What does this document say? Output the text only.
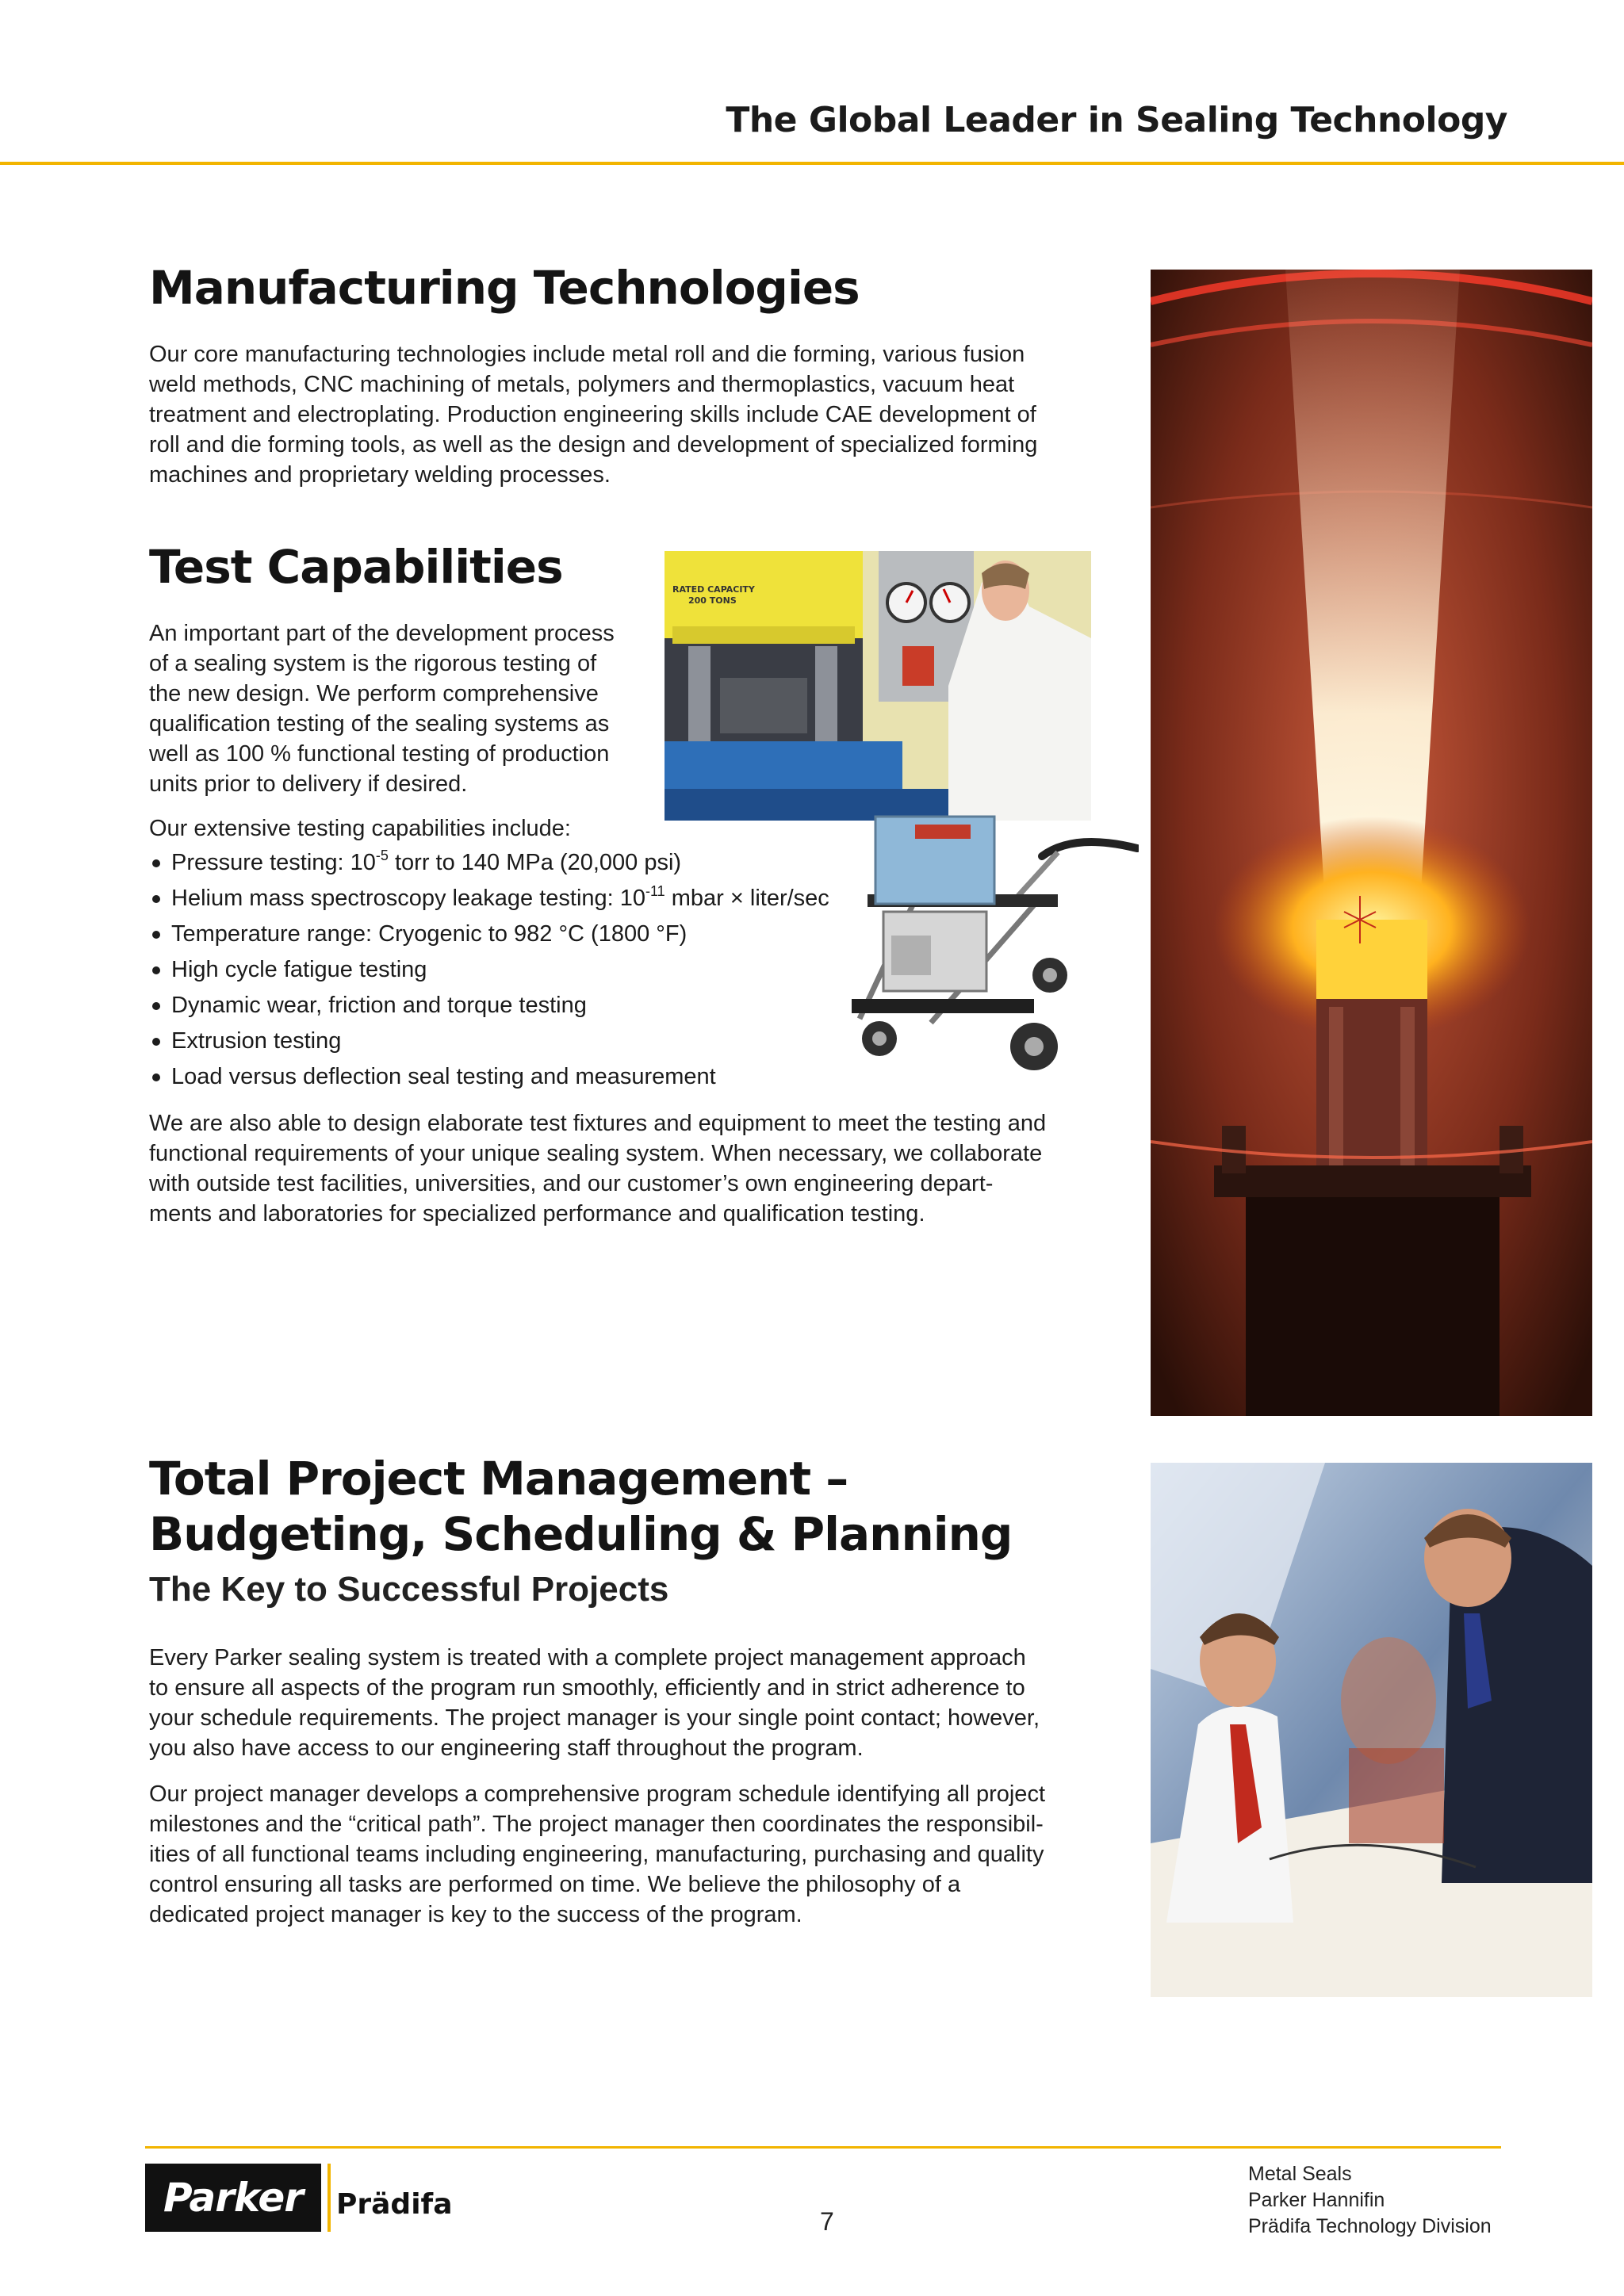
The Global Leader in Sealing Technology
Manufacturing Technologies
Our core manufacturing technologies include metal roll and die forming, various fusion
weld methods, CNC machining of metals, polymers and thermoplastics, vacuum heat
treatment and electroplating. Production engineering skills include CAE development of
roll and die forming tools, as well as the design and development of specialized forming
machines and proprietary welding processes.
Test Capabilities
An important part of the development process
of a sealing system is the rigorous testing of
the new design. We perform comprehensive
qualification testing of the sealing systems as
well as 100 % functional testing of production
units prior to delivery if desired.
Our extensive testing capabilities include:
Pressure testing: $10^{-5}$ torr to 140 MPa (20,000 psi)
Helium mass spectroscopy leakage testing: $10^{-11}$ mbar × liter/sec
Temperature range: Cryogenic to 982 °C (1800 °F)
High cycle fatigue testing
Dynamic wear, friction and torque testing
Extrusion testing
Load versus deflection seal testing and measurement
We are also able to design elaborate test fixtures and equipment to meet the testing and
functional requirements of your unique sealing system. When necessary, we collaborate
with outside test facilities, universities, and our customer’s own engineering depart-
ments and laboratories for specialized performance and qualification testing.
RATED CAPACITY
200 TONS
Total Project Management –
Budgeting, Scheduling & Planning
The Key to Successful Projects
Every Parker sealing system is treated with a complete project management approach
to ensure all aspects of the program run smoothly, efficiently and in strict adherence to
your schedule requirements. The project manager is your single point contact; however,
you also have access to our engineering staff throughout the program.
Our project manager develops a comprehensive program schedule identifying all project
milestones and the “critical path”. The project manager then coordinates the responsibil-
ities of all functional teams including engineering, manufacturing, purchasing and quality
control ensuring all tasks are performed on time. We believe the philosophy of a
dedicated project manager is key to the success of the program.
Parker	Prädifa
7
Metal Seals
Parker Hannifin
Prädifa Technology Division
